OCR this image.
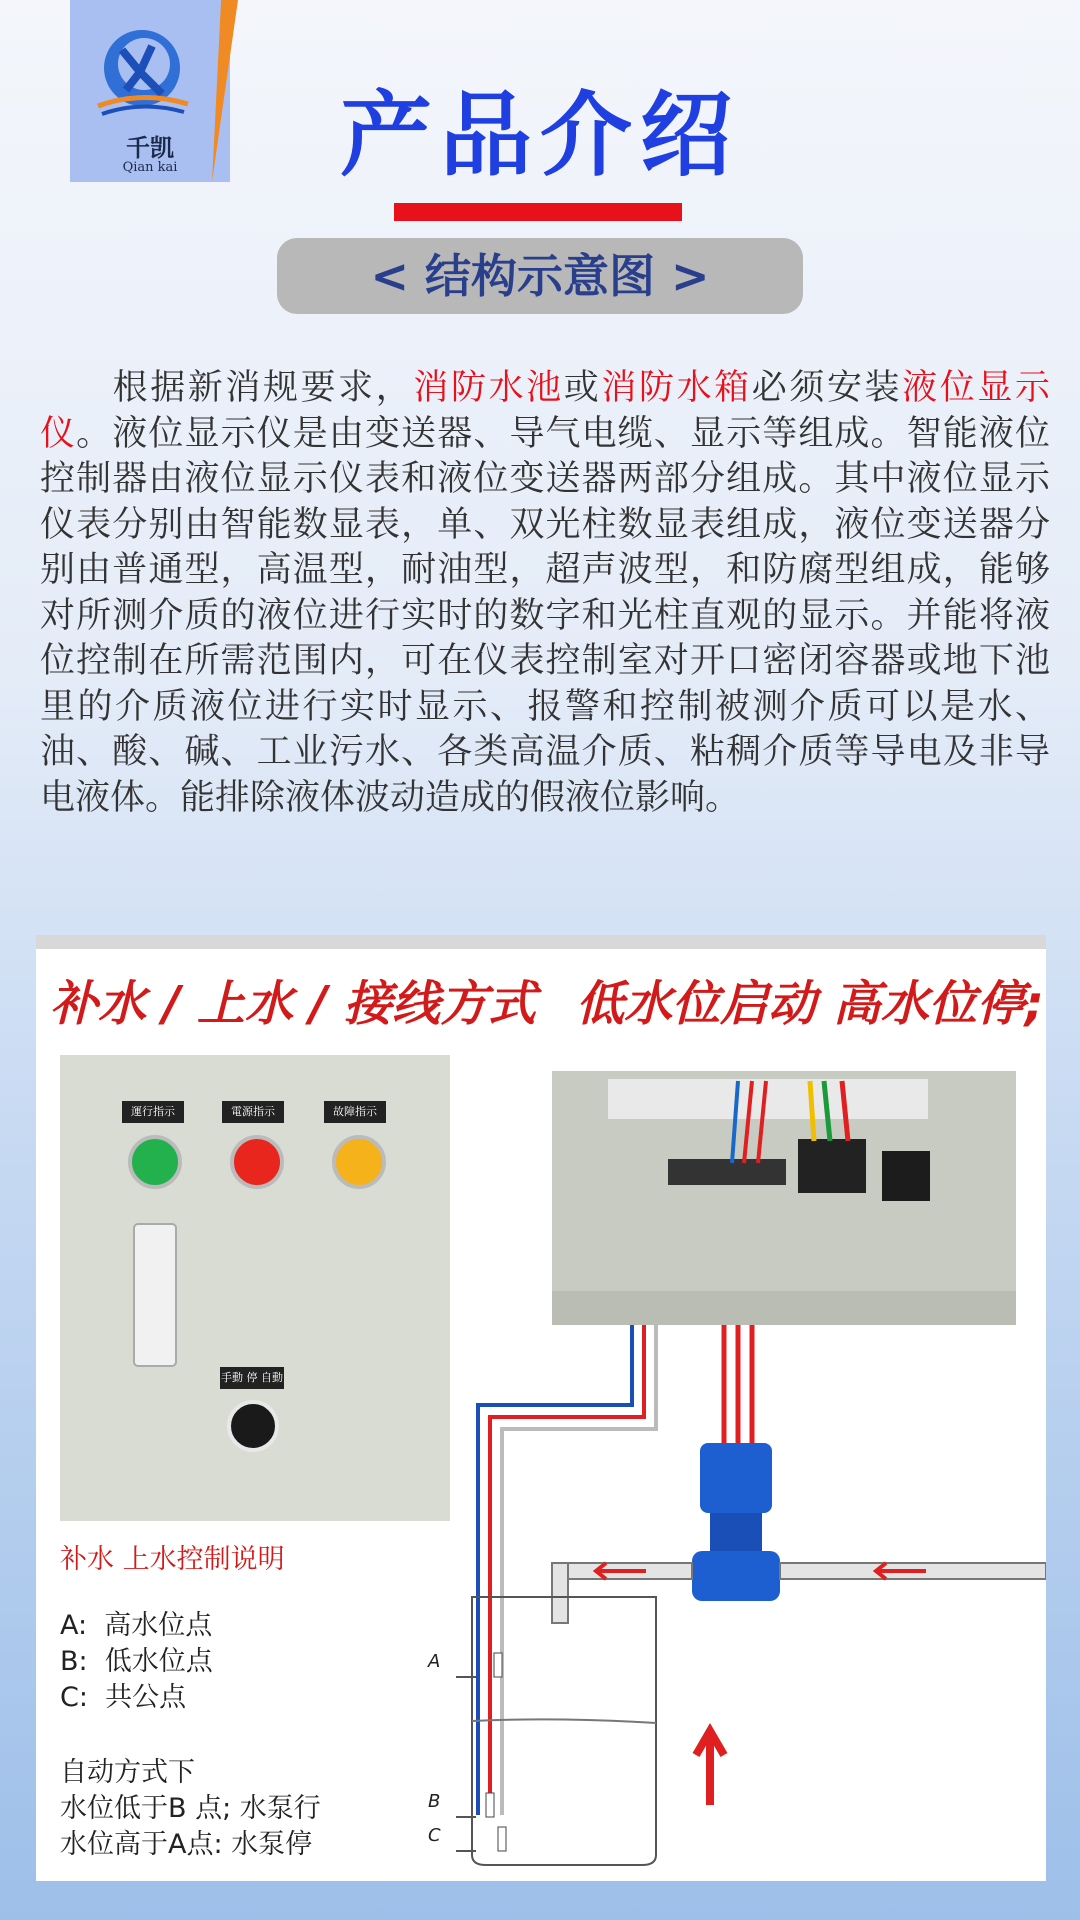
千凯
Qian kai	产品介绍
< 结构示意图 >
根据新消规要求，消防水池或消防水箱必须安装液位显示仪。液位显示仪是由变送器、导气电缆、显示等组成。智能液位控制器由液位显示仪表和液位变送器两部分组成。其中液位显示仪表分别由智能数显表，单、双光柱数显表组成，液位变送器分别由普通型，高温型，耐油型，超声波型，和防腐型组成，能够对所测介质的液位进行实时的数字和光柱直观的显示。并能将液位控制在所需范围内，可在仪表控制室对开口密闭容器或地下池里的介质液位进行实时显示、报警和控制被测介质可以是水、油、酸、碱、工业污水、各类高温介质、粘稠介质等导电及非导电液体。能排除液体波动造成的假液位影响。
补水 / 上水 / 接线方式 低水位启动 高水位停;
運行指示	電源指示	故障指示
手動 停 自動
补水 上水控制说明
A: 高水位点
B: 低水位点
C: 共公点
自动方式下
水位低于B 点; 水泵行
水位高于A点: 水泵停
A
B
C
